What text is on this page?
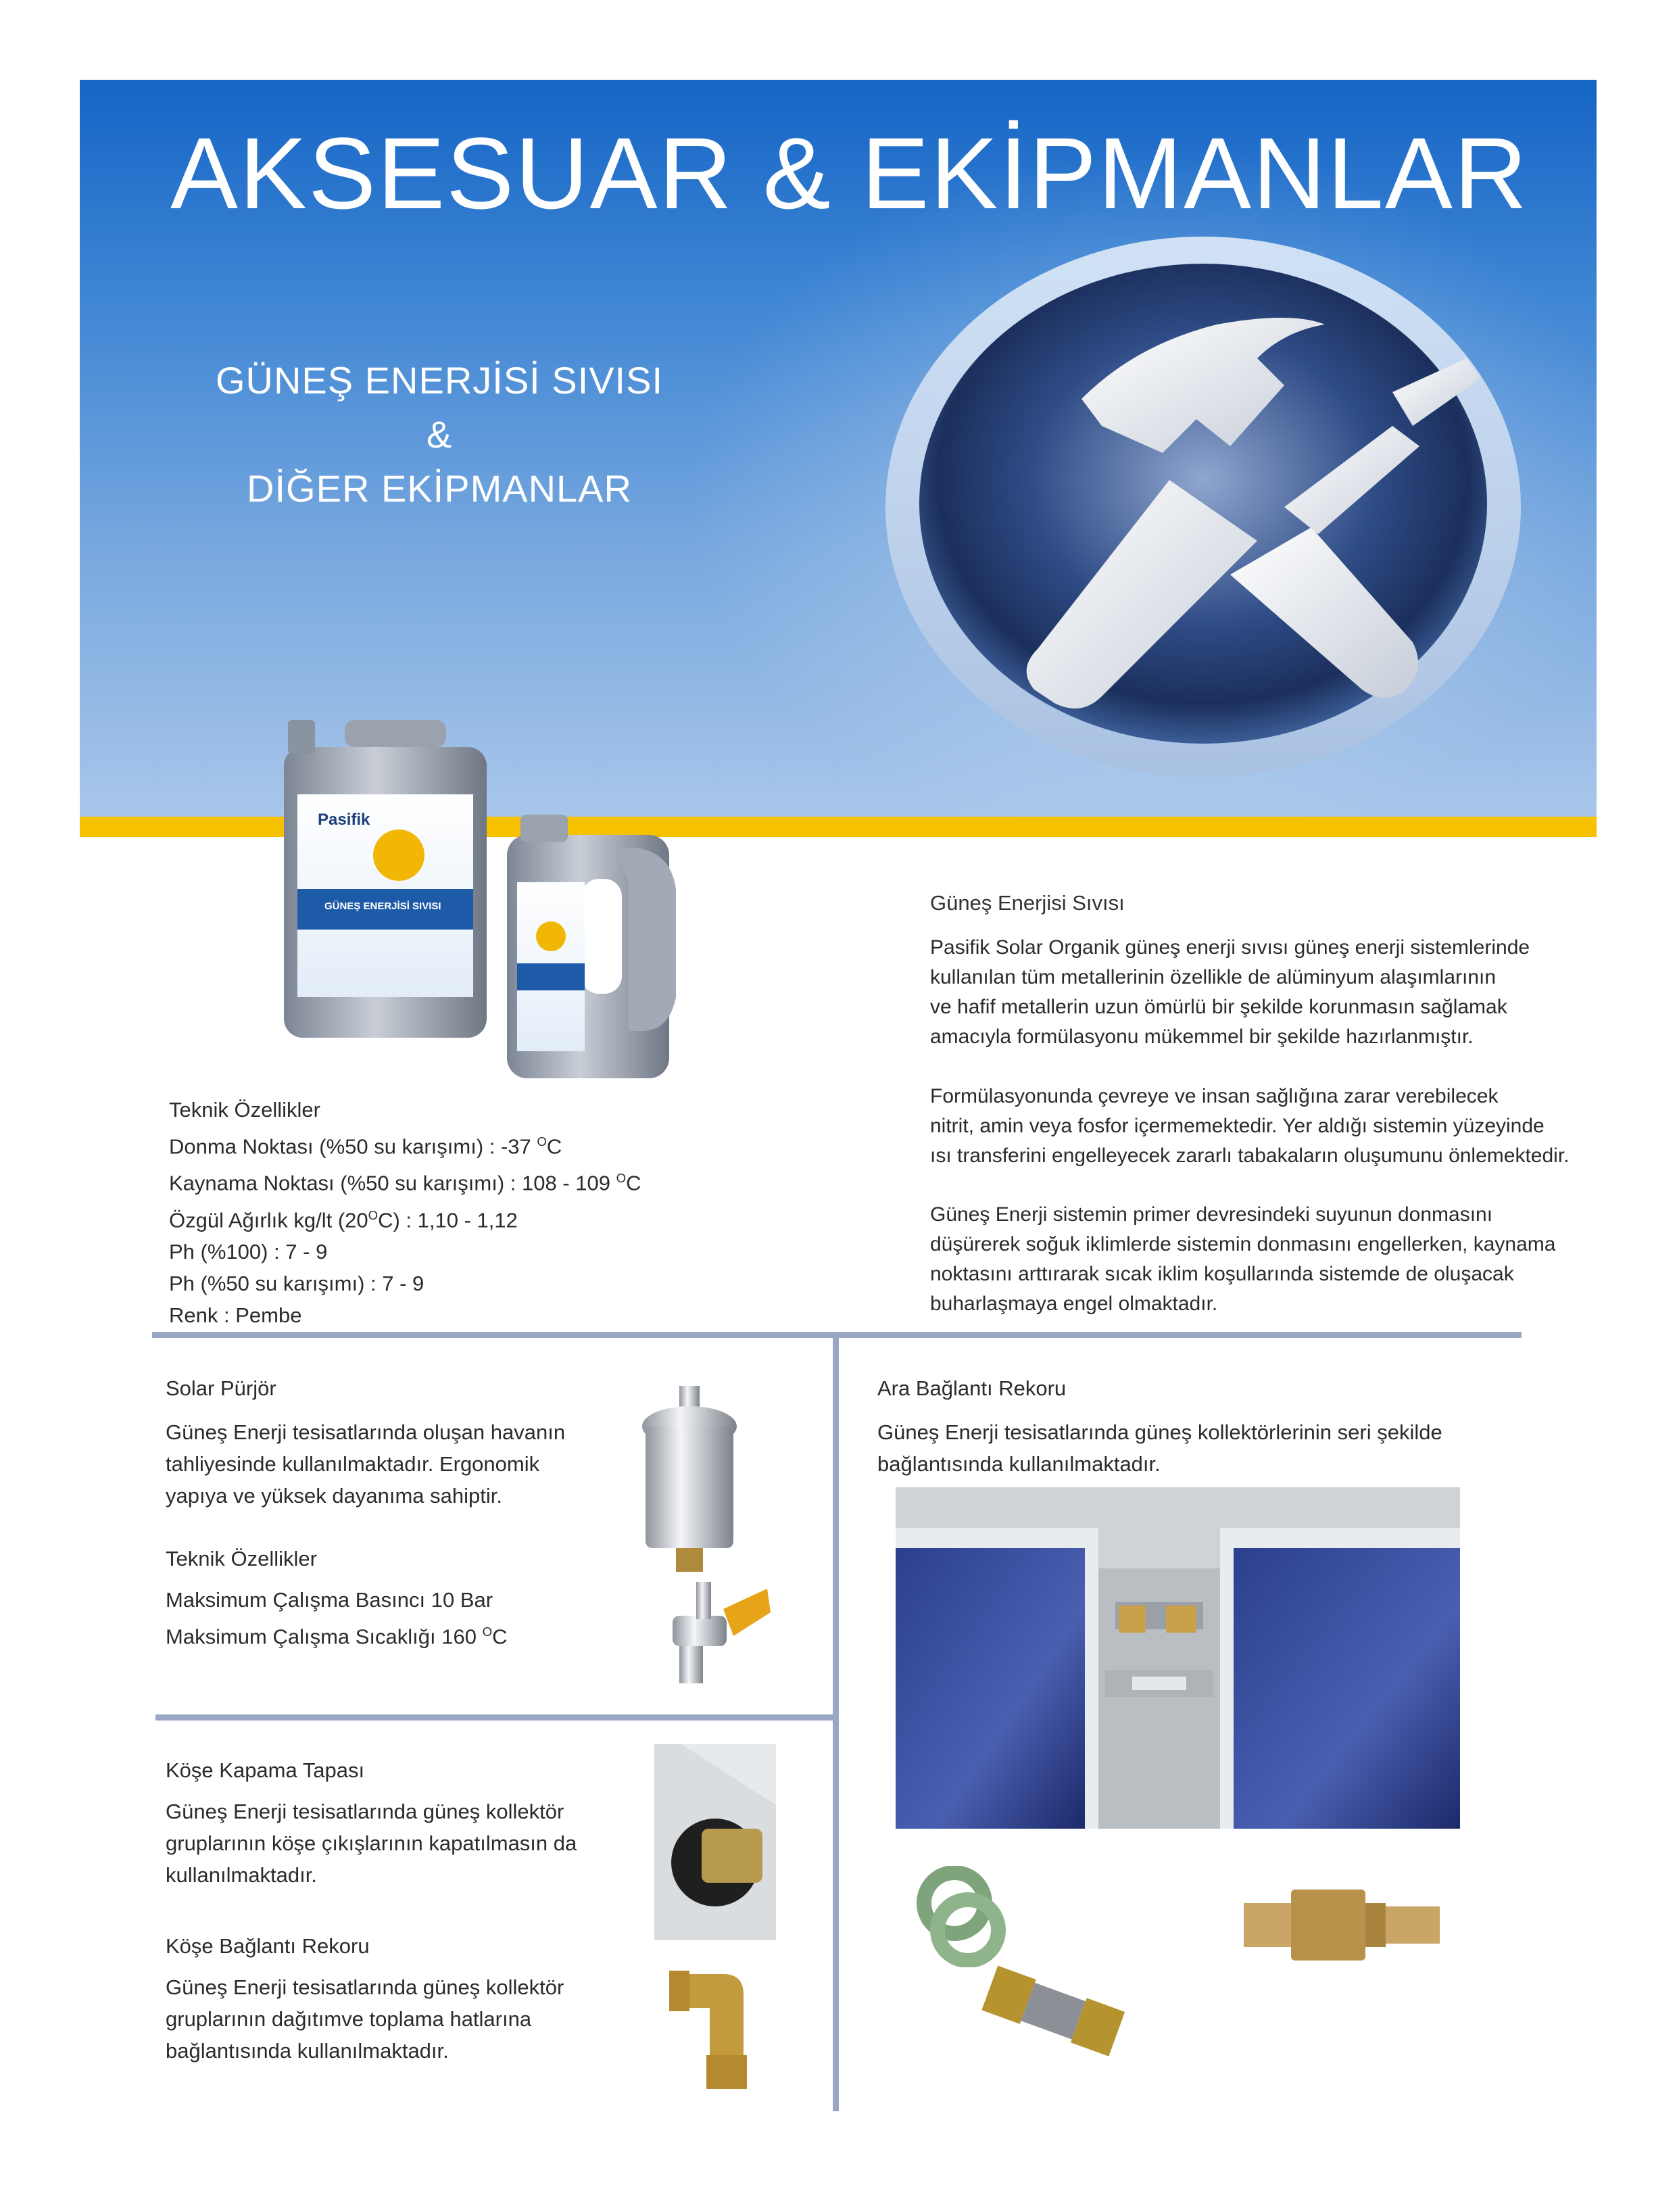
AKSESUAR & EKİPMANLAR
GÜNEŞ ENERJİSİ SIVISI
&
DİĞER EKİPMANLAR
Pasifik
GÜNEŞ ENERJİSİ SIVISI	Güneş Enerjisi Sıvısı
Pasifik Solar Organik güneş enerji sıvısı güneş enerji sistemlerinde
kullanılan tüm metallerinin özellikle de alüminyum alaşımlarının
ve hafif metallerin uzun ömürlü bir şekilde korunmasın sağlamak
amacıyla formülasyonu mükemmel bir şekilde hazırlanmıştır.
Formülasyonunda çevreye ve insan sağlığına zarar verebilecek
nitrit, amin veya fosfor içermemektedir. Yer aldığı sistemin yüzeyinde
ısı transferini engelleyecek zararlı tabakaların oluşumunu önlemektedir.
Güneş Enerji sistemin primer devresindeki suyunun donmasını
düşürerek soğuk iklimlerde sistemin donmasını engellerken, kaynama
noktasını arttırarak sıcak iklim koşullarında sistemde de oluşacak
buharlaşmaya engel olmaktadır.
Teknik Özellikler
Donma Noktası (%50 su karışımı) : -37 $^O$C
Kaynama Noktası (%50 su karışımı) : 108 - 109 $^O$C
Özgül Ağırlık kg/lt $(20^OC)$ : 1,10 - 1,12
Ph (%100) : 7 - 9
Ph (%50 su karışımı) : 7 - 9
Renk : Pembe
Solar Pürjör
Güneş Enerji tesisatlarında oluşan havanın
tahliyesinde kullanılmaktadır. Ergonomik
yapıya ve yüksek dayanıma sahiptir.
Teknik Özellikler
Maksimum Çalışma Basıncı 10 Bar
Maksimum Çalışma Sıcaklığı 160 $^O$C
Ara Bağlantı Rekoru
Güneş Enerji tesisatlarında güneş kollektörlerinin seri şekilde
bağlantısında kullanılmaktadır.
Köşe Kapama Tapası
Güneş Enerji tesisatlarında güneş kollektör
gruplarının köşe çıkışlarının kapatılmasın da
kullanılmaktadır.
Köşe Bağlantı Rekoru
Güneş Enerji tesisatlarında güneş kollektör
gruplarının dağıtımve toplama hatlarına
bağlantısında kullanılmaktadır.
